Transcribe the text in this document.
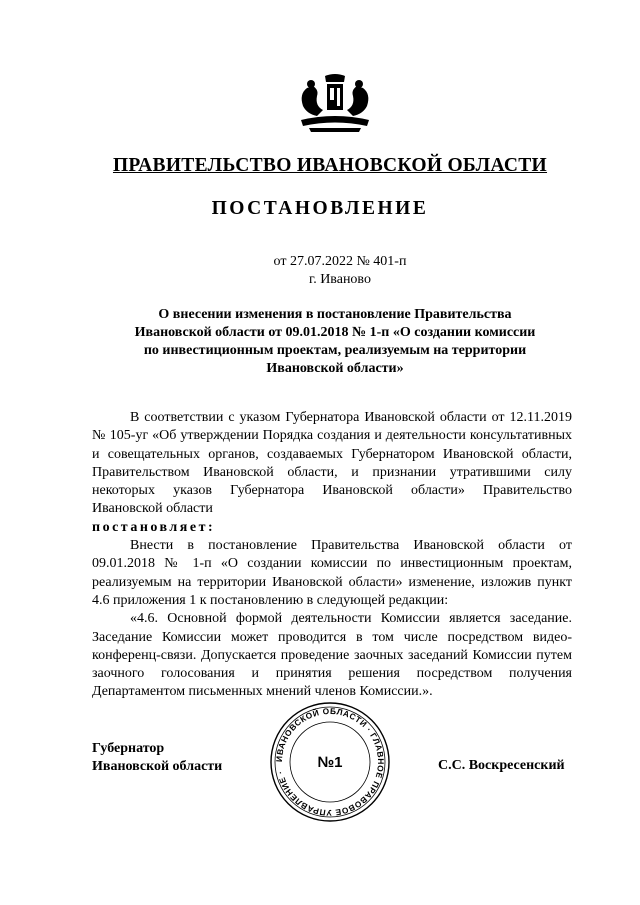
ПРАВИТЕЛЬСТВО ИВАНОВСКОЙ ОБЛАСТИ
ПОСТАНОВЛЕНИЕ
от 27.07.2022 № 401-п
г. Иваново
О внесении изменения в постановление Правительства
Ивановской области от 09.01.2018 № 1-п «О создании комиссии
по инвестиционным проектам, реализуемым на территории
Ивановской области»

В соответствии с указом Губернатора Ивановской области от 12.11.2019 № 105-уг «Об утверждении Порядка создания и деятельности консультативных и совещательных органов, создаваемых Губернатором Ивановской области, Правительством Ивановской области, и признании утратившими силу некоторых указов Губернатора Ивановской области» Правительство Ивановской области

постановляет:

Внести в постановление Правительства Ивановской области от 09.01.2018 № 1-п «О создании комиссии по инвестиционным проектам, реализуемым на территории Ивановской области» изменение, изложив пункт 4.6 приложения 1 к постановлению в следующей редакции:

«4.6. Основной формой деятельности Комиссии является заседание. Заседание Комиссии может проводится в том числе посредством видео-конференц-связи. Допускается проведение заочных заседаний Комиссии путем заочного голосования и принятия решения посредством получения Департаментом письменных мнений членов Комиссии.».

Губернатор
Ивановской области
ИВАНОВСКОЙ ОБЛАСТИ · ГЛАВНОЕ ПРАВОВОЕ УПРАВЛЕНИЕ ·
№1	С.С. Воскресенский
